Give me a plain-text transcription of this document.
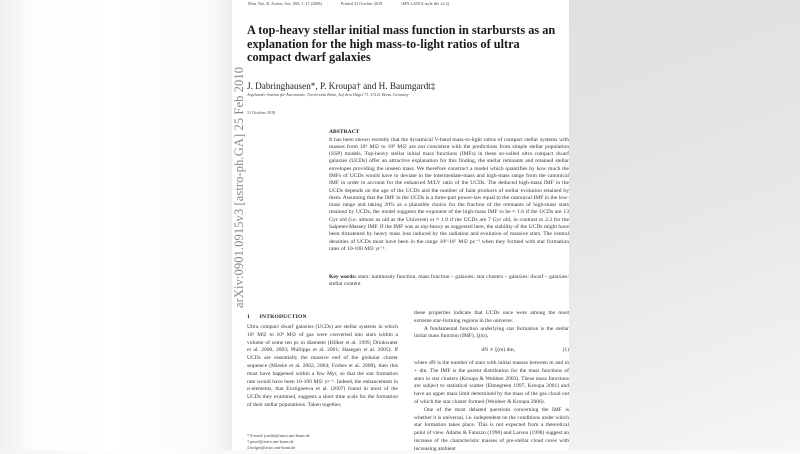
arXiv:0901.0915v3 [astro-ph.GA] 25 Feb 2010
Mon. Not. R. Astron. Soc. 000, 1–17 (2008)	Printed 31 October 2018	(MN LATEX style file v2.2)
A top-heavy stellar initial mass function in starbursts as an explanation for the high mass-to-light ratios of ultra compact dwarf galaxies
J. Dabringhausen*, P. Kroupa† and H. Baumgardt‡
Argelander-Institut für Astronomie, Universität Bonn, Auf dem Hügel 71, 53121 Bonn, Germany
31 October 2018
ABSTRACT
It has been shown recently that the dynamical V-band mass-to-light ratios of compact stellar systems with masses from 10⁶ M⊙ to 10⁸ M⊙ are not consistent with the predictions from simple stellar population (SSP) models. Top-heavy stellar initial mass functions (IMFs) in these so-called ultra compact dwarf galaxies (UCDs) offer an attractive explanation for this finding, the stellar remnants and retained stellar envelopes providing the unseen mass. We therefore construct a model which quantifies by how much the IMFs of UCDs would have to deviate in the intermediate-mass and high-mass range from the canonical IMF in order to account for the enhanced M/LV ratio of the UCDs. The deduced high-mass IMF in the UCDs depends on the age of the UCDs and the number of faint products of stellar evolution retained by them. Assuming that the IMF in the UCDs is a three-part power-law equal to the canonical IMF in the low-mass range and taking 20% as a plausible choice for the fraction of the remnants of high-mass stars retained by UCDs, the model suggests the exponent of the high-mass IMF to be ≈ 1.6 if the UCDs are 13 Gyr old (i.e. almost as old as the Universe) or ≈ 1.0 if the UCDs are 7 Gyr old, in contrast to 2.3 for the Salpeter-Massey IMF. If the IMF was as top-heavy as suggested here, the stability of the UCDs might have been threatened by heavy mass loss induced by the radiation and evolution of massive stars. The central densities of UCDs must have been in the range 10⁶-10⁷ M⊙ pc⁻³ when they formed with star formation rates of 10-100 M⊙ yr⁻¹.
Key words: stars: luminosity function, mass function – galaxies: star clusters – galaxies: dwarf – galaxies: stellar content
1 INTRODUCTION

Ultra compact dwarf galaxies (UCDs) are stellar systems in which 10⁶ M⊙ to 10⁸ M⊙ of gas were converted into stars within a volume of some ten pc in diameter (Hilker et al. 1999; Drinkwater et al. 2000, 2003; Phillipps et al. 2001; Hasegan et al. 2005). If UCDs are essentially the massive end of the globular cluster sequence (Mieske et al. 2002, 2004; Forbes et al. 2008), then this must have happened within a few Myr, so that the star formation rate would have been 10-100 M⊙ yr⁻¹. Indeed, the enhancement in α-elements, that Evstigneeva et al. (2007) found in most of the UCDs they examined, suggests a short time scale for the formation of their stellar populations. Taken together,

these properties indicate that UCDs once were among the most extreme star-forming regions in the universe.

A fundamental function underlying star formation is the stellar initial mass function (IMF), ξ(m),

dN ∝ ξ(m) dm,	(1)

where dN is the number of stars with initial masses between m and m + dm. The IMF is the parent distribution for the mass functions of stars in star clusters (Kroupa & Weidner 2003). These mass functions are subject to statistical scatter (Elmegreen 1997, Kroupa 2001) and have an upper mass limit determined by the mass of the gas cloud out of which the star cluster formed (Weidner & Kroupa 2006).

One of the most debated questions concerning the IMF is whether it is universal, i.e. independent on the conditions under which star formation takes place. This is not expected from a theoretical point of view. Adams & Fatuzzo (1996) and Larson (1998) suggest an increase of the characteristic masses of pre-stellar cloud cores with increasing ambient

* E-mail: joedab@astro.uni-bonn.de
† pavel@astro.uni-bonn.de
‡ holger@astro.uni-bonn.de
